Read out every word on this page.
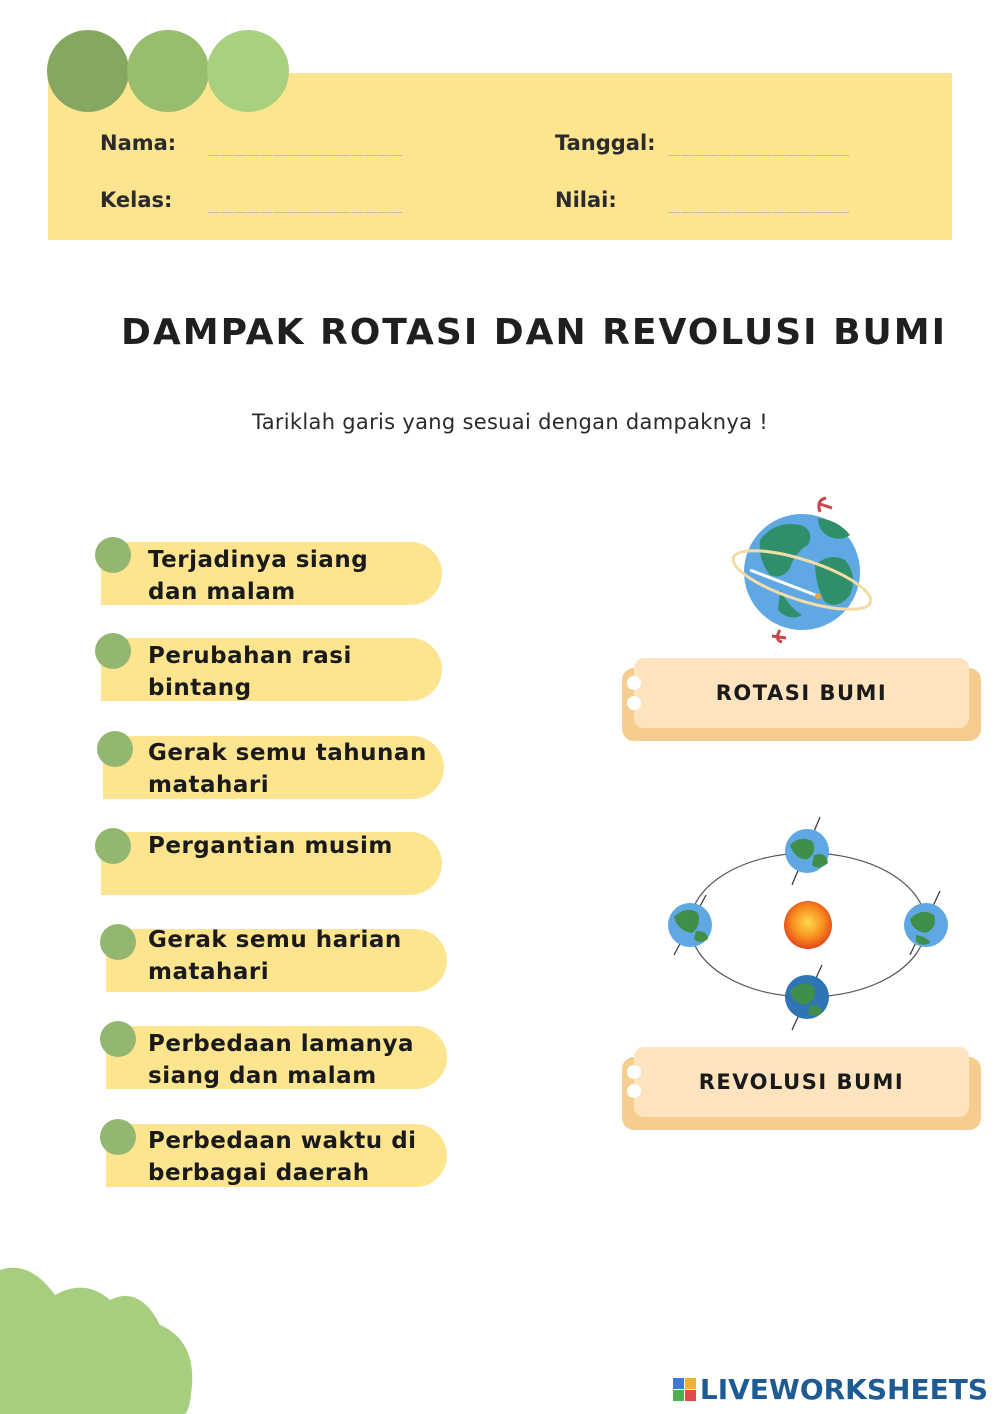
Nama: _______________
Kelas: _______________
Tanggal: ______________
Nilai:	______________
DAMPAK ROTASI DAN REVOLUSI BUMI
Tariklah garis yang sesuai dengan dampaknya !
Terjadinya siang
dan malam
Perubahan rasi
bintang
Gerak semu tahunan
matahari
Pergantian musim

Gerak semu harian
matahari
Perbedaan lamanya
siang dan malam
Perbedaan waktu di
berbagai daerah
ROTASI BUMI
REVOLUSI BUMI
LIVEWORKSHEETS
